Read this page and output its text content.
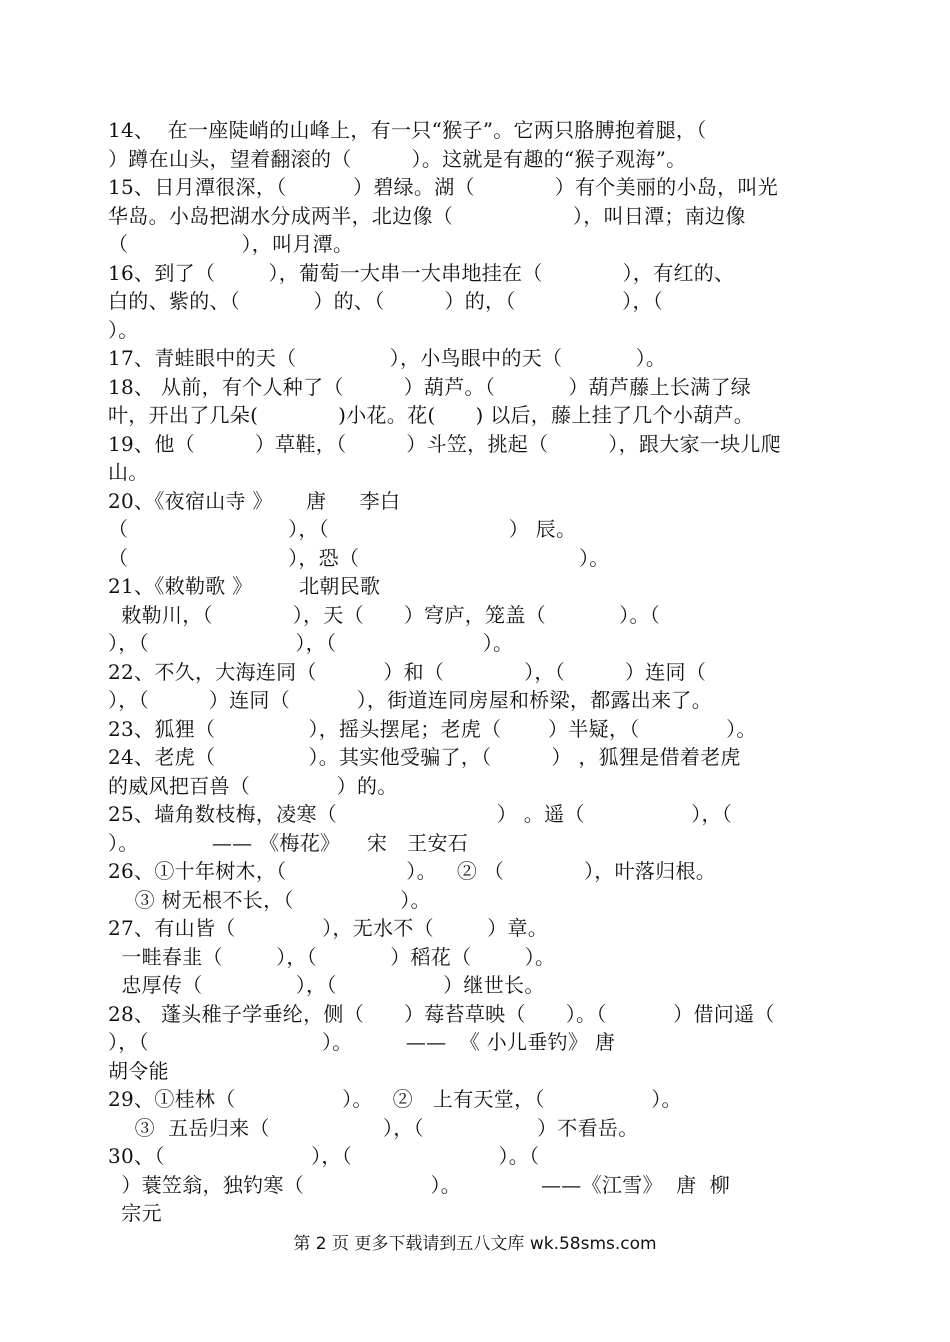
14、  在一座陡峭的山峰上，有一只“猴子”。它两只胳膊抱着腿，（
）蹲在山头，望着翻滚的（         ）。这就是有趣的“猴子观海”。
15、日月潭很深，（          ）碧绿。湖（            ）有个美丽的小岛，叫光
华岛。小岛把湖水分成两半，北边像（                  ），叫日潭；南边像
（                 ），叫月潭。
16、到了（        ），葡萄一大串一大串地挂在（            ），有红的、
白的、紫的、（           ）的、（         ）的，（                ），（
）。
17、青蛙眼中的天（              ），小鸟眼中的天（           ）。
18、 从前，有个人种了（         ）葫芦。（           ）葫芦藤上长满了绿
叶，开出了几朵(            )小花。花(      ) 以后，藤上挂了几个小葫芦。
19、他（         ）草鞋，（         ）斗笠，挑起（         ），跟大家一块儿爬
山。
20、《夜宿山寺 》     唐     李白
（                        ），（                           ） 辰。
（                        ），恐（                                 ）。
21、《敕勒歌 》       北朝民歌
敕勒川，（            ），天（      ）穹庐，笼盖（           ）。（
），（                      ），（                      ）。
22、不久，大海连同（          ）和（            ），（         ）连同（
），（         ）连同（          ），街道连同房屋和桥梁，都露出来了。
23、狐狸（              ），摇头摆尾；老虎（       ）半疑，（             ）。
24、老虎（              ）。其实他受骗了，（         ） ，狐狸是借着老虎
的威风把百兽（             ）的。
25、墙角数枝梅，凌寒（                        ） 。遥（                ），（
）。           —— 《梅花》    宋   王安石
26、①十年树木，（                  ）。   ② （            ），叶落归根。
③ 树无根不长，（                ）。
27、有山皆（             ），无水不（        ）章。
一畦春韭（        ），（           ）稻花（        ）。
忠厚传（              ），（                ）继世长。
28、 蓬头稚子学垂纶，侧（      ）莓苔草映（      ）。（          ）借问遥（
），（                          ）。        ——  《 小儿垂钓》 唐
胡令能
29、①桂林（                ）。   ②   上有天堂，（                ）。
③  五岳归来（                 ），（                 ）不看岳。
30、（                      ），（                      ）。（
）蓑笠翁，独钓寒（                   ）。            ——《江雪》  唐  柳
宗元
第 2 页 更多下载请到五八文库 wk.58sms.com
